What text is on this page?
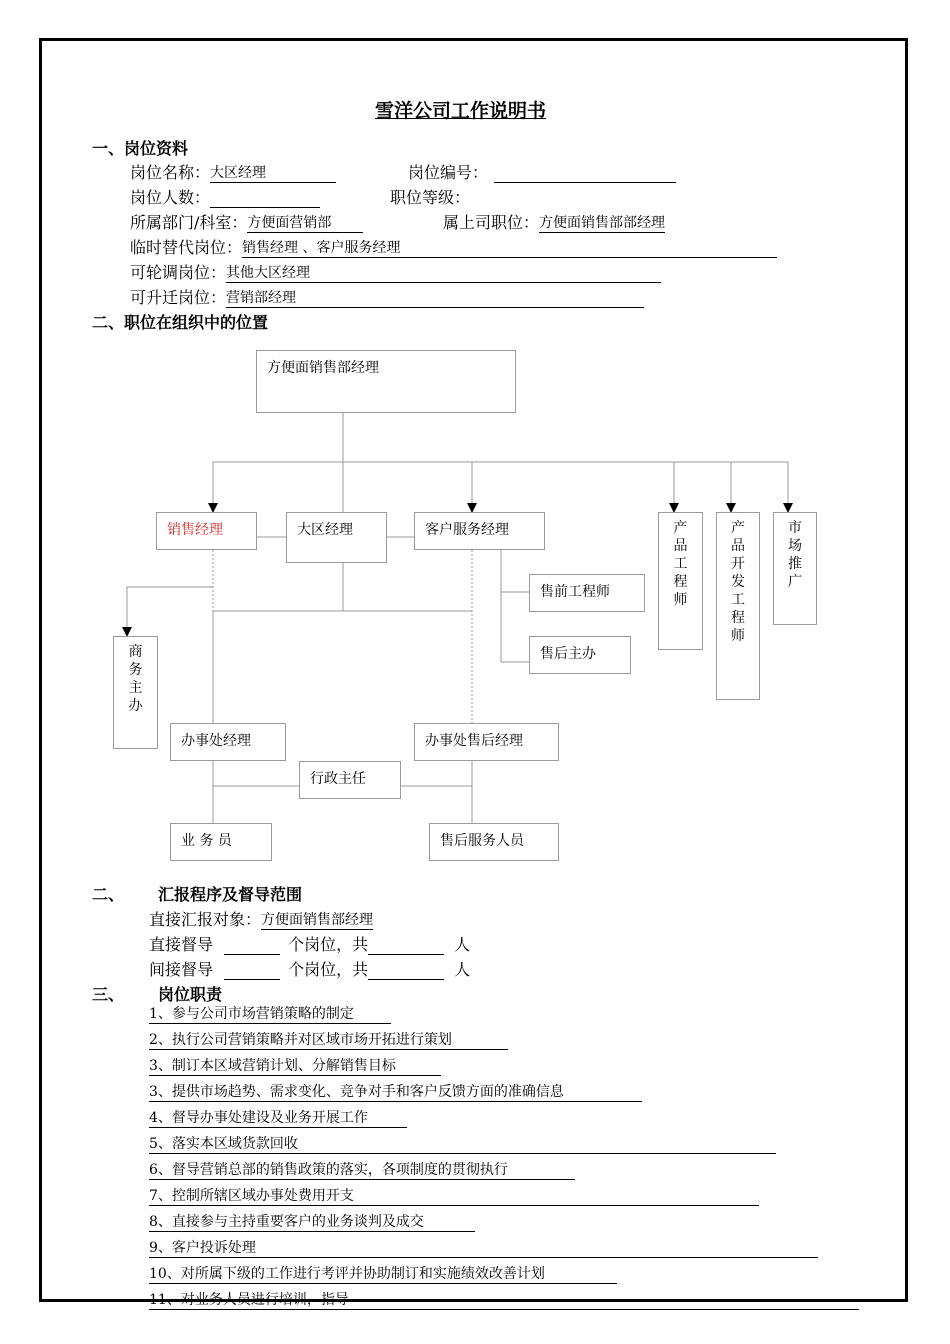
雪洋公司工作说明书
一、岗位资料
岗位名称：大区经理	岗位编号：
岗位人数：	职位等级：
所属部门/科室：方便面营销部	属上司职位：方便面销售部部经理
临时替代岗位：销售经理 、客户服务经理
可轮调岗位：其他大区经理
可升迁岗位：营销部经理
二、职位在组织中的位置
方便面销售部经理
销售经理	大区经理	客户服务经理	产品工程师
产品开发工程师
市场推广
售前工程师
售后主办
商务主办
办事处经理	办事处售后经理
行政主任
业 务 员	售后服务人员
二、 汇报程序及督导范围
直接汇报对象：方便面销售部经理
直接督导	个岗位，共	人
间接督导	个岗位，共	人
三、 岗位职责
1、参与公司市场营销策略的制定
2、执行公司营销策略并对区域市场开拓进行策划
3、制订本区域营销计划、分解销售目标
3、提供市场趋势、需求变化、竞争对手和客户反馈方面的准确信息
4、督导办事处建设及业务开展工作
5、落实本区域货款回收
6、督导营销总部的销售政策的落实，各项制度的贯彻执行
7、控制所辖区域办事处费用开支
8、直接参与主持重要客户的业务谈判及成交
9、客户投诉处理
10、对所属下级的工作进行考评并协助制订和实施绩效改善计划
11、对业务人员进行培训，指导
